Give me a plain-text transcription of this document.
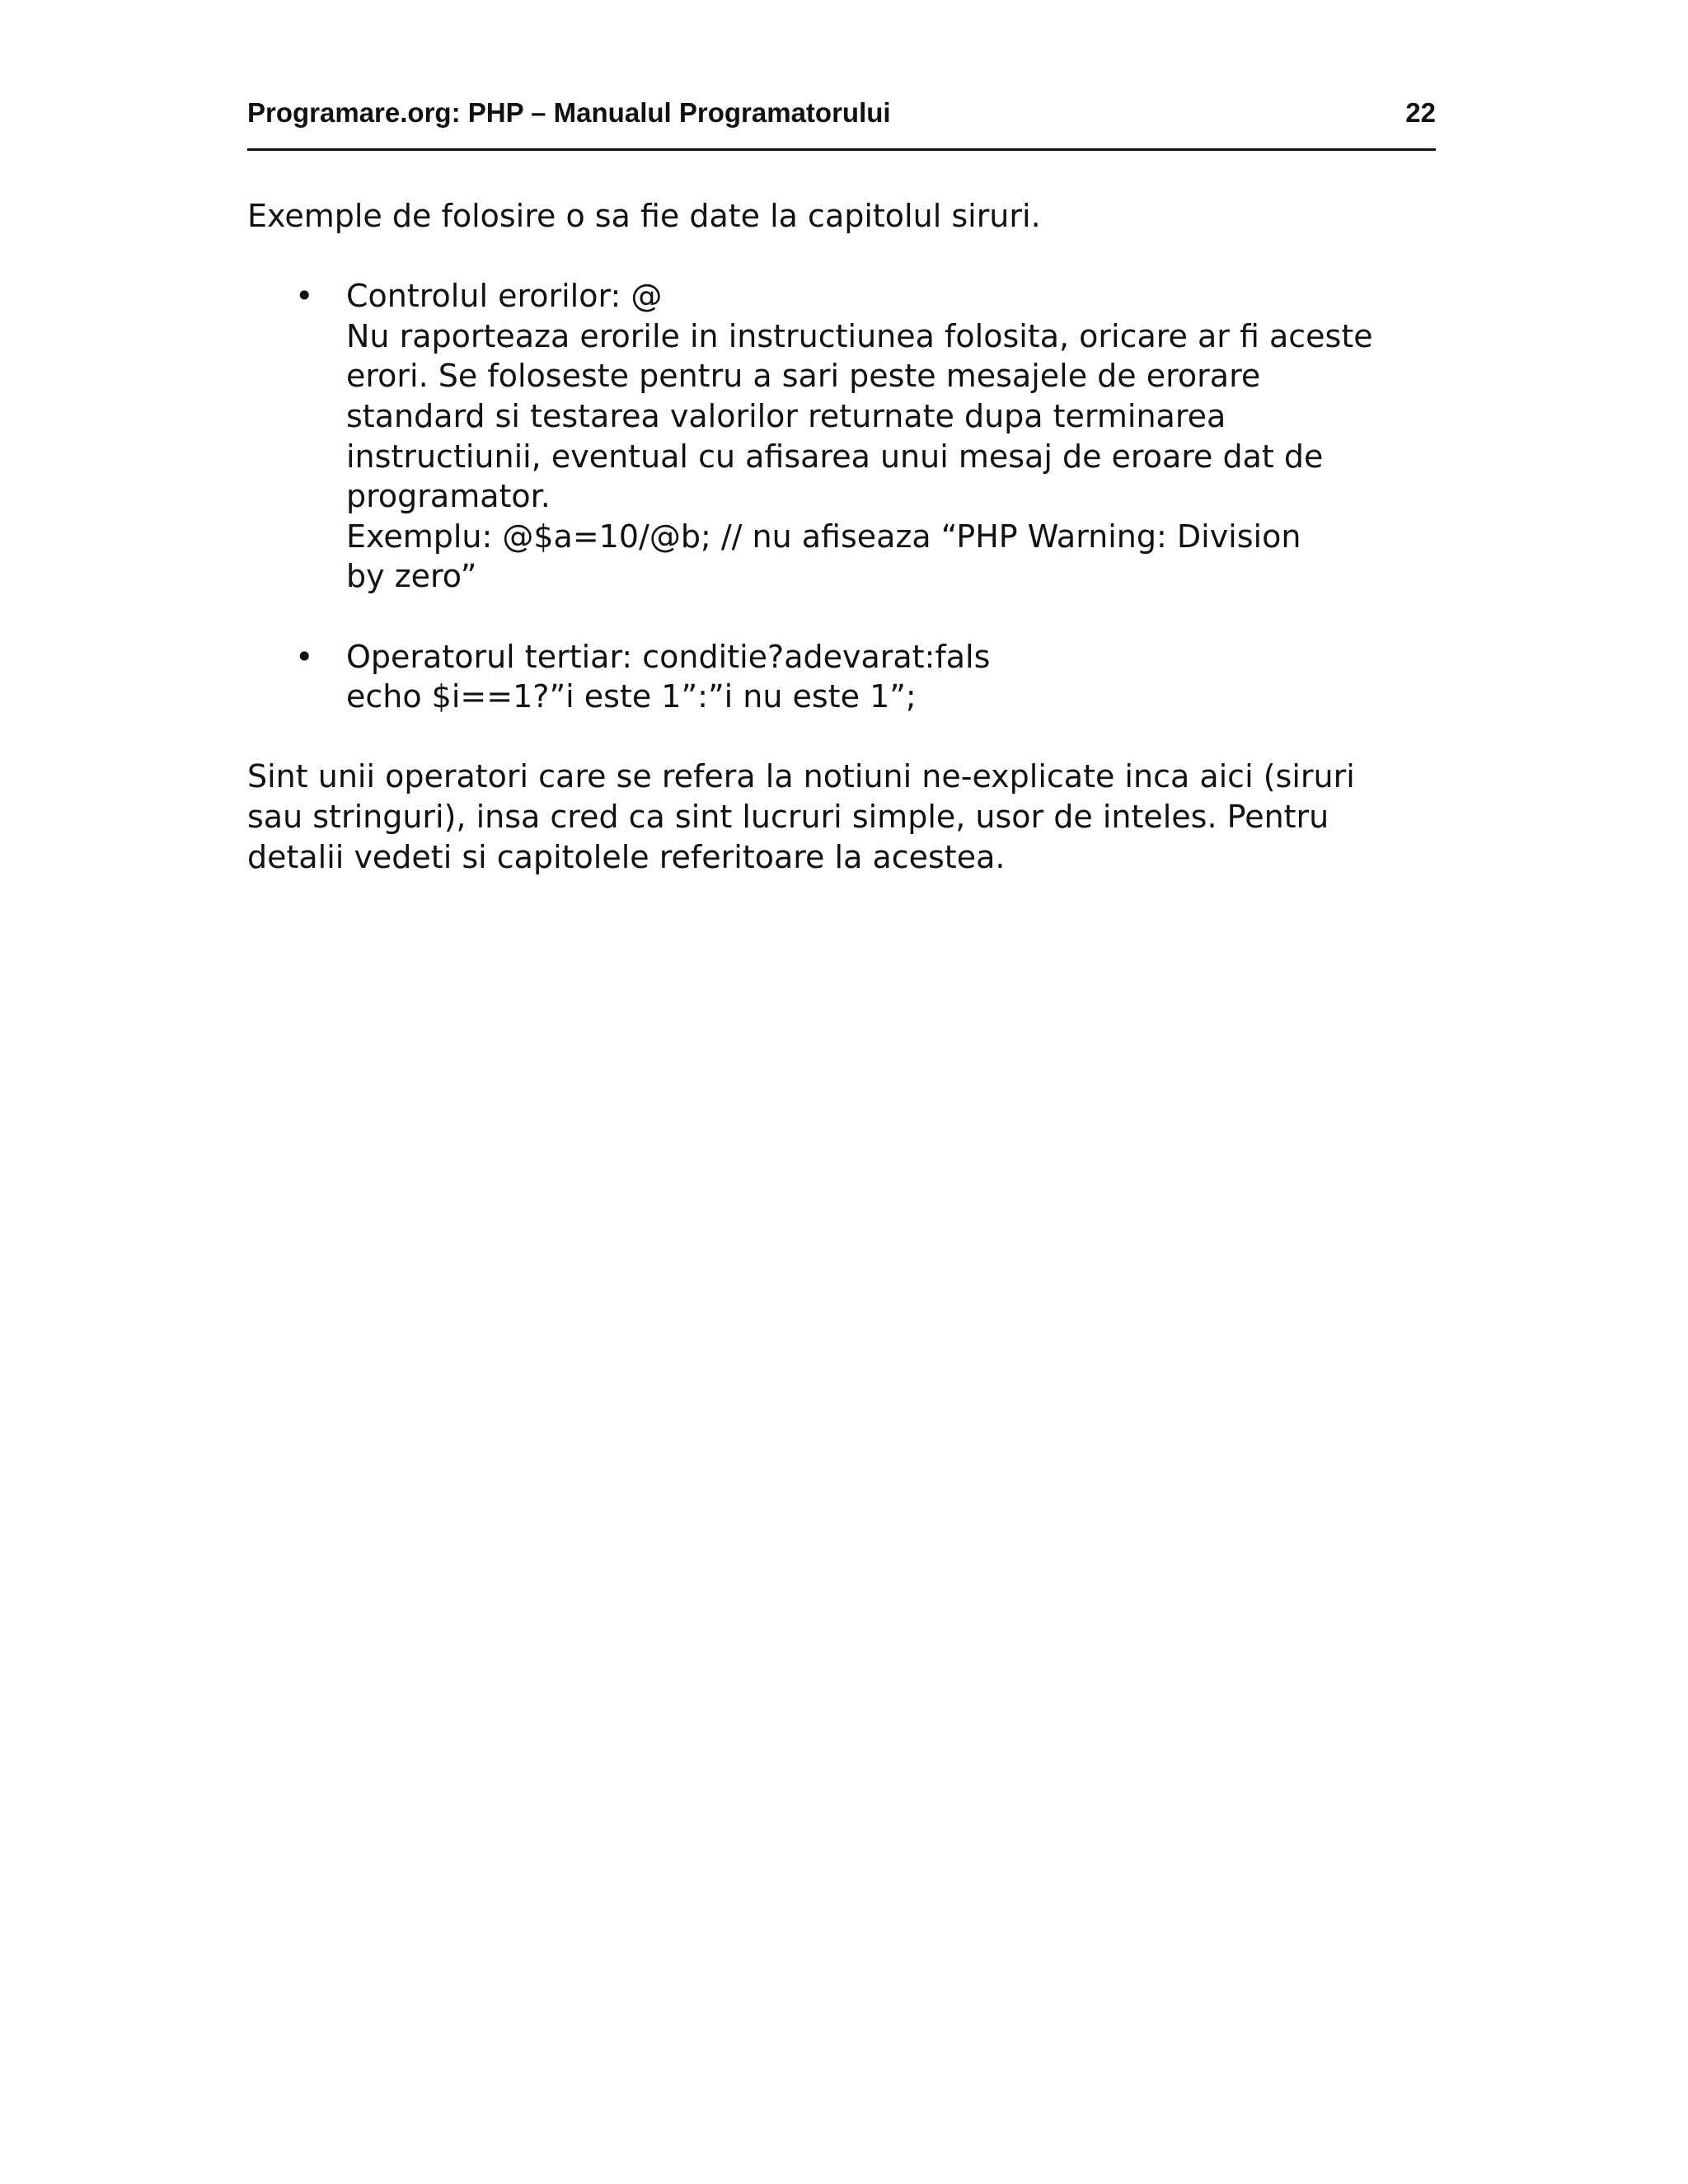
Programare.org: PHP – Manualul Programatorului	22

Exemple de folosire o sa fie date la capitolul siruri.

• Controlul erorilor: @
Nu raporteaza erorile in instructiunea folosita, oricare ar fi aceste
erori. Se foloseste pentru a sari peste mesajele de erorare
standard si testarea valorilor returnate dupa terminarea
instructiunii, eventual cu afisarea unui mesaj de eroare dat de
programator.
Exemplu: @$a=10/@b; // nu afiseaza “PHP Warning: Division
by zero”
• Operatorul tertiar: conditie?adevarat:fals
echo $i==1?”i este 1”:”i nu este 1”;
Sint unii operatori care se refera la notiuni ne-explicate inca aici (siruri
sau stringuri), insa cred ca sint lucruri simple, usor de inteles. Pentru
detalii vedeti si capitolele referitoare la acestea.
